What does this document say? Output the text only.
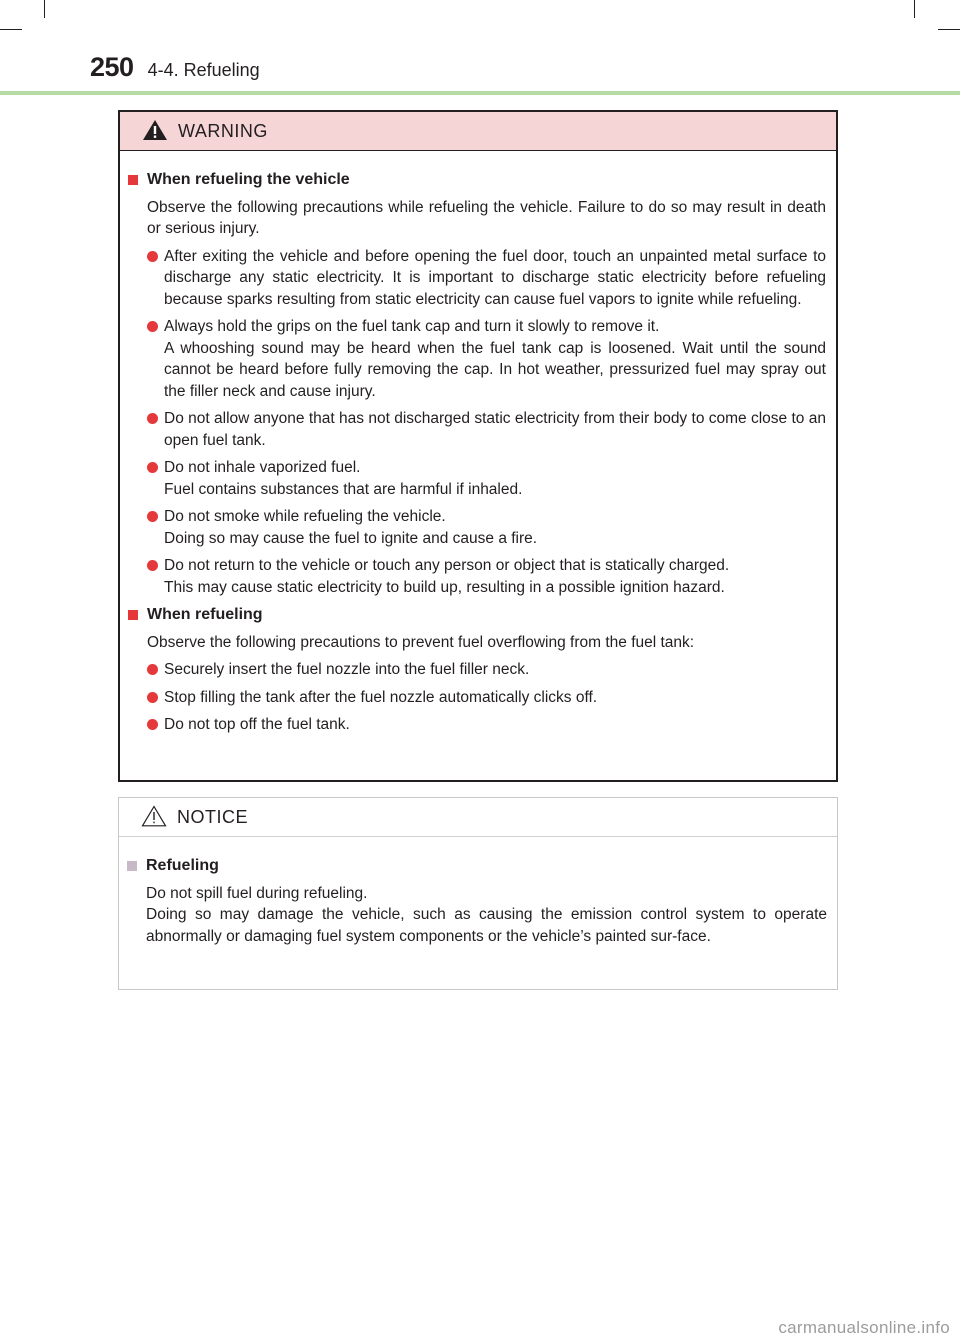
250 4-4. Refueling
WARNING
When refueling the vehicle
Observe the following precautions while refueling the vehicle. Failure to do so may result in death or serious injury.
After exiting the vehicle and before opening the fuel door, touch an unpainted metal surface to discharge any static electricity. It is important to discharge static electricity before refueling because sparks resulting from static electricity can cause fuel vapors to ignite while refueling.
Always hold the grips on the fuel tank cap and turn it slowly to remove it.
A whooshing sound may be heard when the fuel tank cap is loosened. Wait until the sound cannot be heard before fully removing the cap. In hot weather, pressurized fuel may spray out the filler neck and cause injury.
Do not allow anyone that has not discharged static electricity from their body to come close to an open fuel tank.
Do not inhale vaporized fuel.
Fuel contains substances that are harmful if inhaled.
Do not smoke while refueling the vehicle.
Doing so may cause the fuel to ignite and cause a fire.
Do not return to the vehicle or touch any person or object that is statically charged.
This may cause static electricity to build up, resulting in a possible ignition hazard.
When refueling
Observe the following precautions to prevent fuel overflowing from the fuel tank:
Securely insert the fuel nozzle into the fuel filler neck.
Stop filling the tank after the fuel nozzle automatically clicks off.
Do not top off the fuel tank.
NOTICE
Refueling
Do not spill fuel during refueling.
Doing so may damage the vehicle, such as causing the emission control system to operate abnormally or damaging fuel system components or the vehicle’s painted sur-face.
carmanualsonline.info
